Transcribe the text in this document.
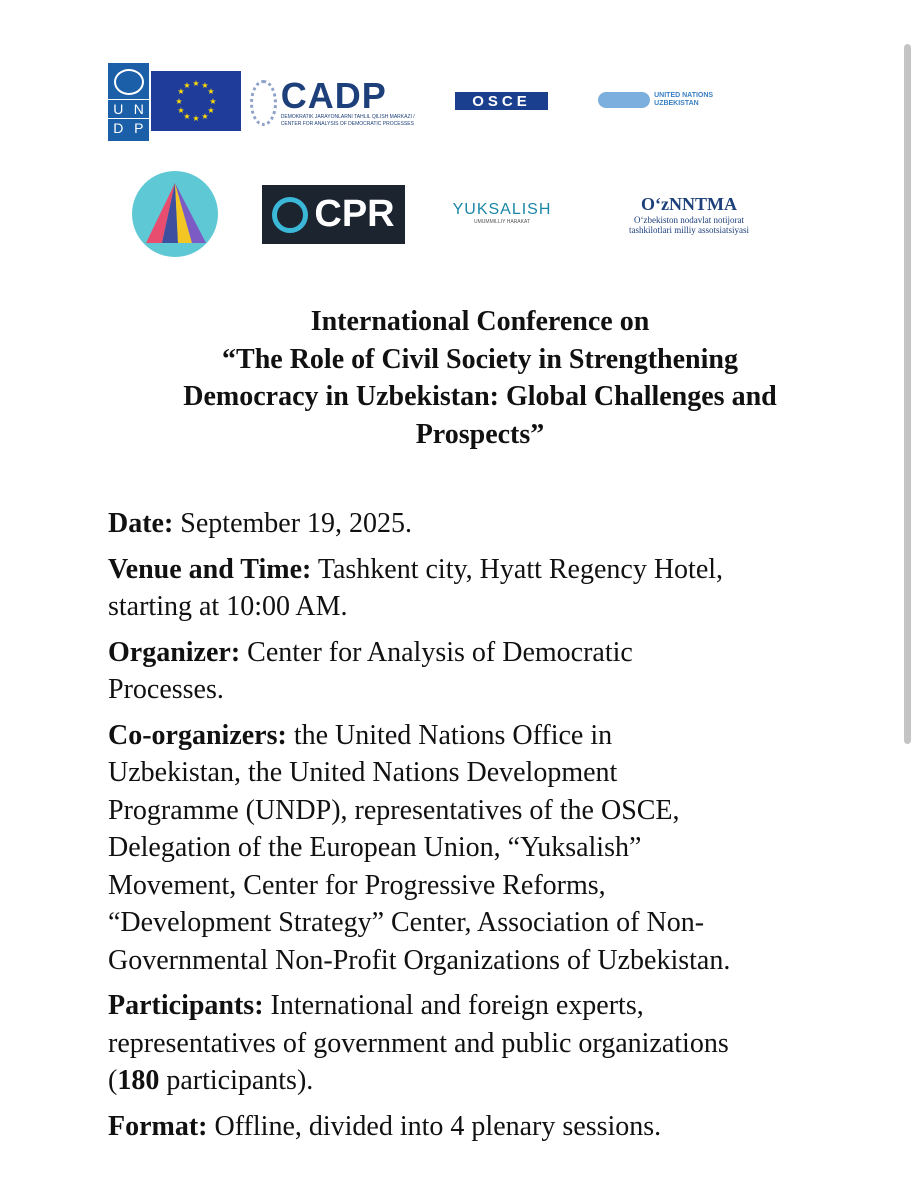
U N
D P
★ ★
★
★
★
★
★
★
★
★
★
★	CADP
DEMOKRATIK JARAYONLARNI TAHLIL QILISH MARKAZI / CENTER FOR ANALYSIS OF DEMOCRATIC PROCESSES
OSCE	UNITED NATIONS UZBEKISTAN
CPR	YUKSALISH
UMUMMILLIY HARAKAT
OʻzNNTMA
Oʻzbekiston nodavlat notijorat
tashkilotlari milliy assotsiatsiyasi
International Conference on
“The Role of Civil Society in Strengthening
Democracy in Uzbekistan: Global Challenges and
Prospects”
Date: September 19, 2025.
Venue and Time: Tashkent city, Hyatt Regency Hotel,
starting at 10:00 AM.
Organizer: Center for Analysis of Democratic
Processes.
Co-organizers: the United Nations Office in
Uzbekistan, the United Nations Development
Programme (UNDP), representatives of the OSCE,
Delegation of the European Union, “Yuksalish”
Movement, Center for Progressive Reforms,
“Development Strategy” Center, Association of Non-
Governmental Non-Profit Organizations of Uzbekistan.
Participants: International and foreign experts,
representatives of government and public organizations
(180 participants).
Format: Offline, divided into 4 plenary sessions.
